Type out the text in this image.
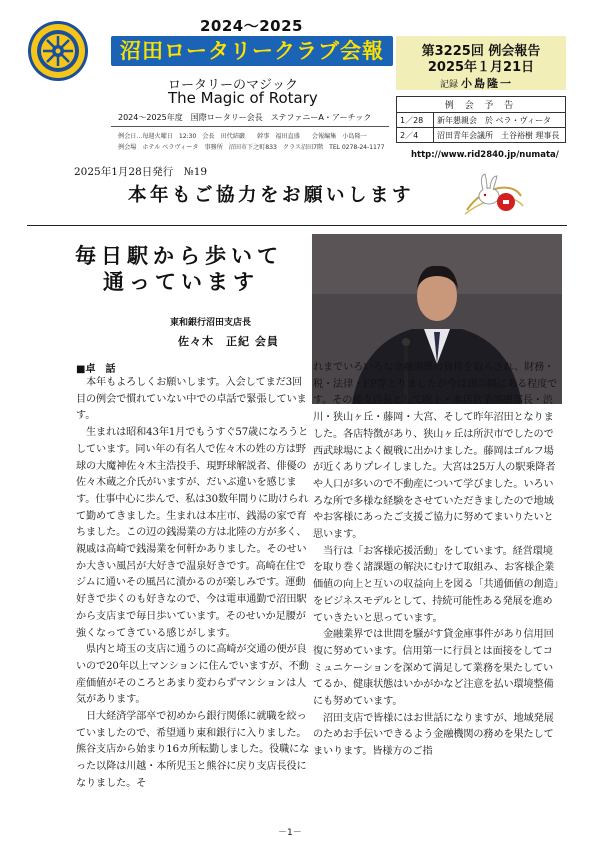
2024～2025
沼田ロータリークラブ会報
ロータリーのマジック
The Magic of Rotary
2024～2025年度　国際ロータリー会長　ステファニーA・アーチック
例会日…毎週火曜日　12:30　会長　田代結巌　　幹事　福田直盛　　会報編集　小島隆一
例会場　ホテル ベラヴィータ　事務所　沼田市下之町833　クラス沼田7階　TEL 0278-24-1177
第3225回 例会報告
2025年１月21日
記録 小島隆一
例 会 予 告	
1／28	新年懇親会　於 ベラ・ヴィータ
2／4	沼田青年会議所　土谷裕樹 理事長
http://www.rid2840.jp/numata/
2025年1月28日発行　№19
本年もご協力をお願いします
毎日駅から歩いて
通っています
東和銀行沼田支店長
佐々木　正紀 会員
■卓　話

　本年もよろしくお願いします。入会してまだ3回目の例会で慣れていない中での卓話で緊張しています。

　生まれは昭和43年1月でもうすぐ57歳になろうとしています。同い年の有名人で佐々木の姓の方は野球の大魔神佐々木主浩投手、現野球解説者、俳優の佐々木蔵之介氏がいますが、だいぶ違いを感じます。仕事中心に歩んで、私は30数年間りに助けられて勤めてきました。生まれは本庄市、銭湯の家で育ちました。この辺の銭湯業の方は北陸の方が多く、親戚は高崎で銭湯業を何軒かありました。そのせいか大きい風呂が大好きで温泉好きです。高崎在住でジムに通いその風呂に漬かるのが楽しみです。運動好きで歩くのも好きなので、今は電車通勤で沼田駅から支店まで毎日歩いています。そのせいか足腰が強くなってきている感じがします。

　県内と埼玉の支店に通うのに高崎が交通の便が良いので20年以上マンションに住んでいますが、不動産価値がそのころとあまり変わらずマンションは人気があります。

　日大経済学部卒で初めから銀行関係に就職を絞っていましたので、希望通り東和銀行に入りました。熊谷支店から始まり16カ所転勤しました。役職になった以降は川越・本所児玉と熊谷に戻り支店長役になりました。そ

れまでいろいろな金融関係の資格を取らされ、財務・税・法律・FP等とりましたが今は頭の隅にある程度です。その後支店長として吹上・本店営業部副部長・渋川・狭山ヶ丘・藤岡・大宮、そして昨年沼田となりました。各店特徴があり、狭山ヶ丘は所沢市でしたので西武球場によく観戦に出かけました。藤岡はゴルフ場が近くありプレイしました。大宮は25万人の駅乗降者や人口が多いので不動産について学びました。いろいろな所で多様な経験をさせていただきましたので地域やお客様にあったご支援ご協力に努めてまいりたいと思います。

　当行は「お客様応援活動」をしています。経営環境を取り巻く諸課題の解決にむけて取組み、お客様企業価値の向上と互いの収益向上を図る「共通価値の創造」をビジネスモデルとして、持続可能性ある発展を進めていきたいと思っています。

　金融業界では世間を騒がす貸金庫事件があり信用回復に努めています。信用第一に行員とは面接をしてコミュニケーションを深めて満足して業務を果たしていてるか、健康状態はいかがかなど注意を払い環境整備にも努めています。

　沼田支店で皆様にはお世話になりますが、地域発展のためお手伝いできるよう金融機関の務めを果たしてまいります。皆様方のご指

－1－
